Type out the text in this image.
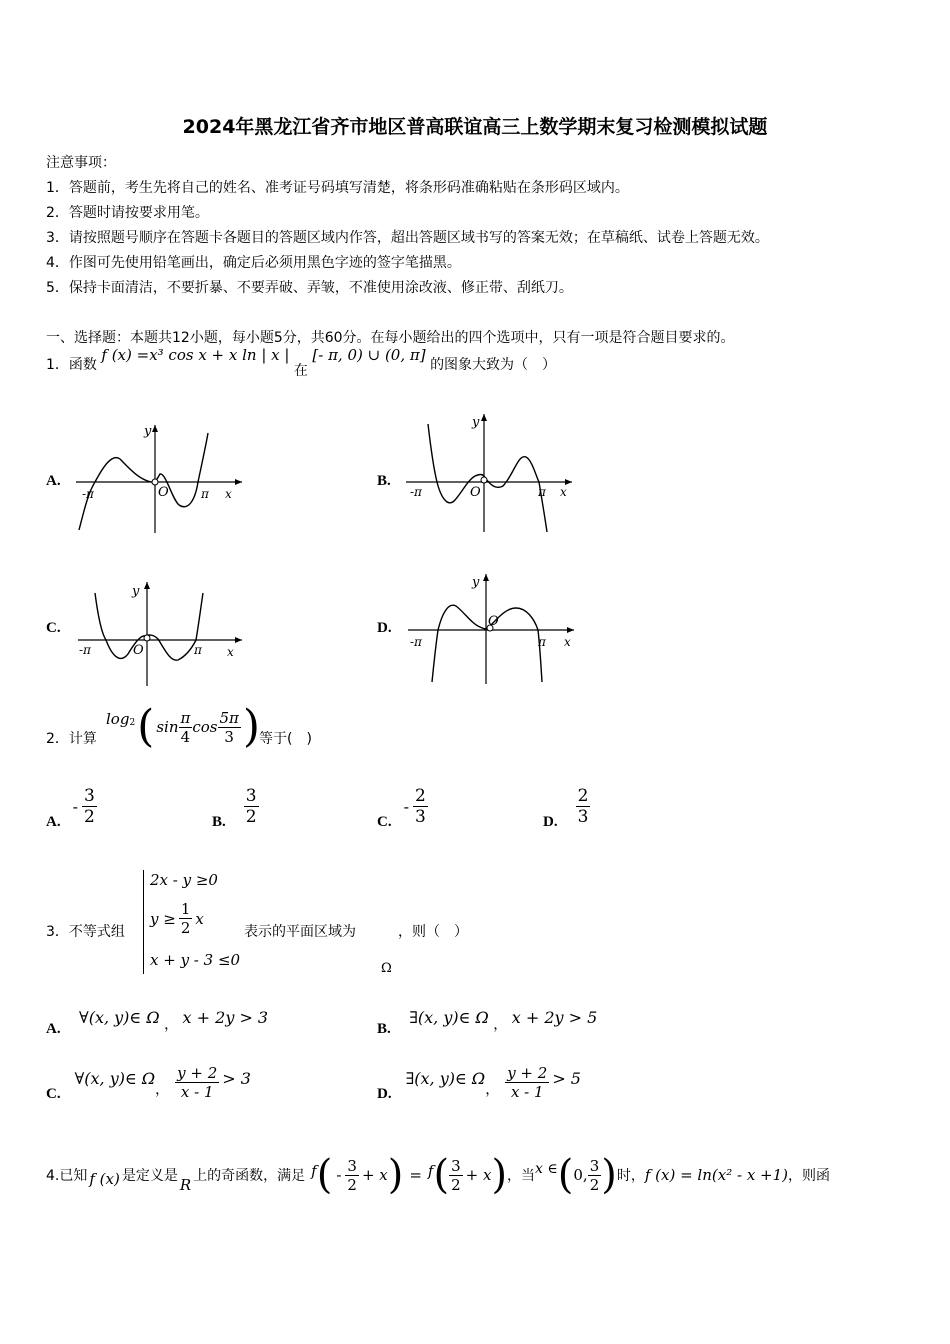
2024年黑龙江省齐市地区普高联谊高三上数学期末复习检测模拟试题
注意事项：
1．答题前，考生先将自己的姓名、准考证号码填写清楚，将条形码准确粘贴在条形码区域内。
2．答题时请按要求用笔。
3．请按照题号顺序在答题卡各题目的答题区域内作答，超出答题区域书写的答案无效；在草稿纸、试卷上答题无效。
4．作图可先使用铅笔画出，确定后必须用黑色字迹的签字笔描黑。
5．保持卡面清洁，不要折暴、不要弄破、弄皱，不准使用涂改液、修正带、刮纸刀。
一、选择题：本题共12小题，每小题5分，共60分。在每小题给出的四个选项中，只有一项是符合题目要求的。
1．函数 f (x) =x³ cos x + x ln | x | 在 [- π, 0) ∪ (0, π] 的图象大致为（　）
A.	B.
C.	D.
y
O
-π	π x
y
O
-π	π x
y
O
-π	π x
y
O
-π	π x
2．计算
log 2 ( $\sin \frac{\pi}{4}$ $\cos \frac{5\pi}{3}$ )
等于(　)
A.
- $\frac{3}{2}$	B. $\frac{3}{2}$	C.
- $\frac{2}{3}$	D. $\frac{2}{3}$
3．不等式组
2x - y ≥0
$y \ge \frac{1}{2}$ x
x + y - 3 ≤0
表示的平面区域为	，则（　）
Ω
A. ∀(x, y)∈ Ω ， x + 2y > 3
B. ∃(x, y)∈ Ω ， x + 2y > 5
C.
∀(x, y)∈ Ω
， $\frac{y + 2}{x - 1} > 3$
D.
∃(x, y)∈ Ω
， $\frac{y + 2}{x - 1} > 5$
4.已知 f (x) 是定义是 R 上的奇函数，满足 f ( - $\frac{3}{2} + x$ ) = f ( $\frac{3}{2} + x$ ) ，当 x ∈ ( 0, $\frac{3}{2}$ ) 时， f (x) = ln(x² - x +1) ，则函
